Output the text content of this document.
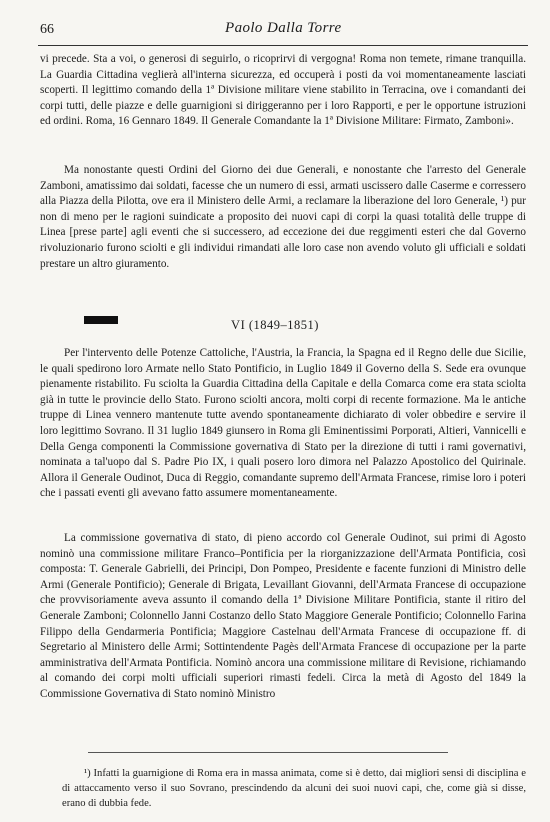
66	Paolo Dalla Torre

vi precede. Sta a voi, o generosi di seguirlo, o ricoprirvi di vergogna! Roma non temete, rimane tranquilla. La Guardia Cittadina veglierà all'interna sicurezza, ed occuperà i posti da voi momentaneamente lasciati scoperti. Il legittimo comando della 1ª Divisione militare viene stabilito in Terracina, ove i comandanti dei corpi tutti, delle piazze e delle guarnigioni si diriggeranno per i loro Rapporti, e per le opportune istruzioni ed ordini. Roma, 16 Gennaro 1849. Il Generale Comandante la 1ª Divisione Militare: Firmato, Zamboni».

Ma nonostante questi Ordini del Giorno dei due Generali, e nonostante che l'arresto del Generale Zamboni, amatissimo dai soldati, facesse che un numero di essi, armati uscissero dalle Caserme e corressero alla Piazza della Pilotta, ove era il Ministero delle Armi, a reclamare la liberazione del loro Generale, ¹) pur non di meno per le ragioni suindicate a proposito dei nuovi capi di corpi la quasi totalità delle truppe di Linea [prese parte] agli eventi che si successero, ad eccezione dei due reggimenti esteri che dal Governo rivoluzionario furono sciolti e gli individui rimandati alle loro case non avendo voluto gli ufficiali e soldati prestare un altro giuramento.

VI (1849–1851)

Per l'intervento delle Potenze Cattoliche, l'Austria, la Francia, la Spagna ed il Regno delle due Sicilie, le quali spedirono loro Armate nello Stato Pontificio, in Luglio 1849 il Governo della S. Sede era ovunque pienamente ristabilito. Fu sciolta la Guardia Cittadina della Capitale e della Comarca come era stata sciolta già in tutte le provincie dello Stato. Furono sciolti ancora, molti corpi di recente formazione. Ma le antiche truppe di Linea vennero mantenute tutte avendo spontaneamente dichiarato di voler obbedire e servire il loro legittimo Sovrano. Il 31 luglio 1849 giunsero in Roma gli Eminentissimi Porporati, Altieri, Vannicelli e Della Genga componenti la Commissione governativa di Stato per la direzione di tutti i rami governativi, nominata a tal'uopo dal S. Padre Pio IX, i quali posero loro dimora nel Palazzo Apostolico del Quirinale. Allora il Generale Oudinot, Duca di Reggio, comandante supremo dell'Armata Francese, rimise loro i poteri che i passati eventi gli avevano fatto assumere momentaneamente.

La commissione governativa di stato, di pieno accordo col Generale Oudinot, sui primi di Agosto nominò una commissione militare Franco–Pontificia per la riorganizzazione dell'Armata Pontificia, così composta: T. Generale Gabrielli, dei Principi, Don Pompeo, Presidente e facente funzioni di Ministro delle Armi (Generale Pontificio); Generale di Brigata, Levaillant Giovanni, dell'Armata Francese di occupazione che provvisoriamente aveva assunto il comando della 1ª Divisione Militare Pontificia, stante il ritiro del Generale Zamboni; Colonnello Janni Costanzo dello Stato Maggiore Generale Pontificio; Colonnello Farina Filippo della Gendarmeria Pontificia; Maggiore Castelnau dell'Armata Francese di occupazione ff. di Segretario al Ministero delle Armi; Sottintendente Pagès dell'Armata Francese di occupazione per la parte amministrativa dell'Armata Pontificia. Nominò ancora una commissione militare di Revisione, richiamando al comando dei corpi molti ufficiali superiori rimasti fedeli. Circa la metà di Agosto del 1849 la Commissione Governativa di Stato nominò Ministro

¹) Infatti la guarnigione di Roma era in massa animata, come si è detto, dai migliori sensi di disciplina e di attaccamento verso il suo Sovrano, prescindendo da alcuni dei suoi nuovi capi, che, come già si disse, erano di dubbia fede.
